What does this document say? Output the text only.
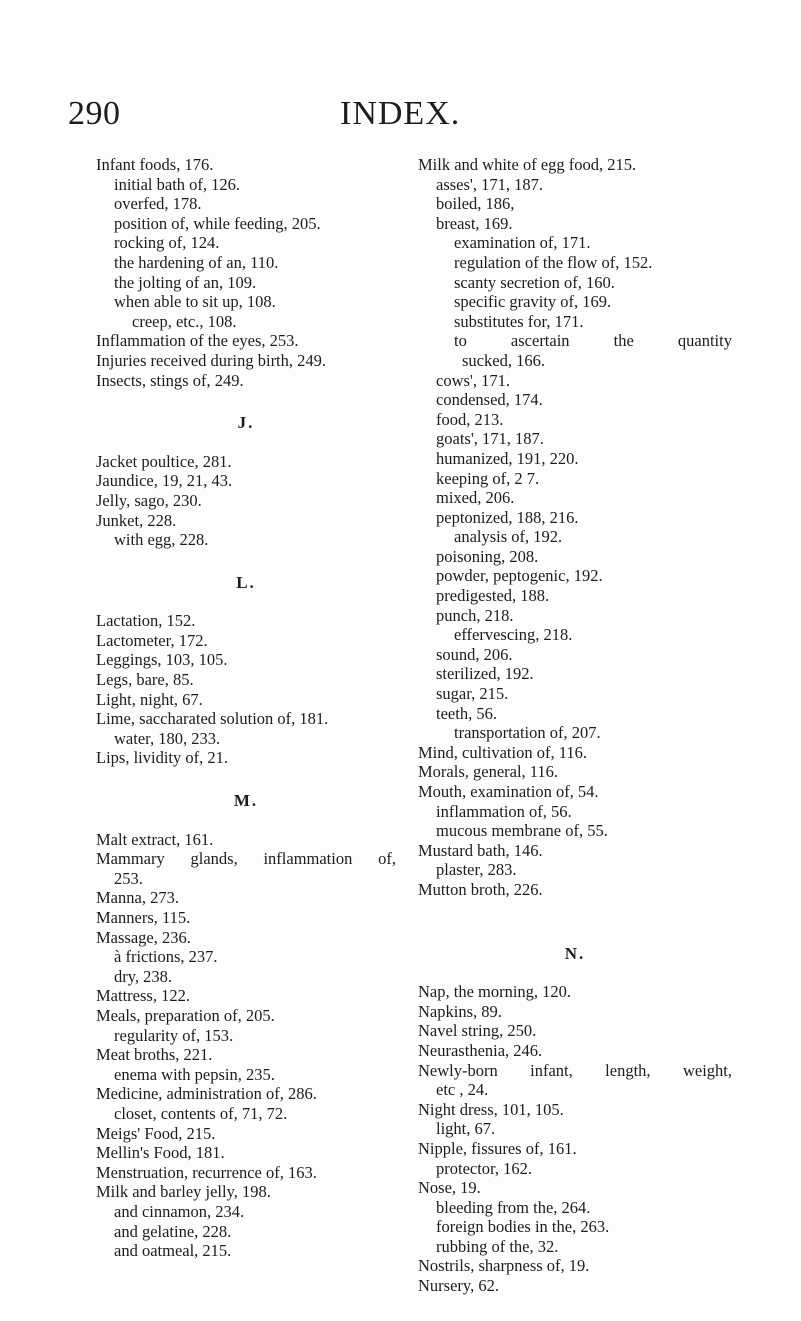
290	INDEX.
Infant foods, 176.
initial bath of, 126.
overfed, 178.
position of, while feeding, 205.
rocking of, 124.
the hardening of an, 110.
the jolting of an, 109.
when able to sit up, 108.
creep, etc., 108.
Inflammation of the eyes, 253.
Injuries received during birth, 249.
Insects, stings of, 249.
J.
Jacket poultice, 281.
Jaundice, 19, 21, 43.
Jelly, sago, 230.
Junket, 228.
with egg, 228.
L.
Lactation, 152.
Lactometer, 172.
Leggings, 103, 105.
Legs, bare, 85.
Light, night, 67.
Lime, saccharated solution of, 181.
water, 180, 233.
Lips, lividity of, 21.
M.
Malt extract, 161.
Mammary glands, inflammation of,
253.
Manna, 273.
Manners, 115.
Massage, 236.
à frictions, 237.
dry, 238.
Mattress, 122.
Meals, preparation of, 205.
regularity of, 153.
Meat broths, 221.
enema with pepsin, 235.
Medicine, administration of, 286.
closet, contents of, 71, 72.
Meigs' Food, 215.
Mellin's Food, 181.
Menstruation, recurrence of, 163.
Milk and barley jelly, 198.
and cinnamon, 234.
and gelatine, 228.
and oatmeal, 215.
Milk and white of egg food, 215.
asses', 171, 187.
boiled, 186,
breast, 169.
examination of, 171.
regulation of the flow of, 152.
scanty secretion of, 160.
specific gravity of, 169.
substitutes for, 171.
to	ascertain	the	quantity
sucked, 166.
cows', 171.
condensed, 174.
food, 213.
goats', 171, 187.
humanized, 191, 220.
keeping of, 2 7.
mixed, 206.
peptonized, 188, 216.
analysis of, 192.
poisoning, 208.
powder, peptogenic, 192.
predigested, 188.
punch, 218.
effervescing, 218.
sound, 206.
sterilized, 192.
sugar, 215.
teeth, 56.
transportation of, 207.
Mind, cultivation of, 116.
Morals, general, 116.
Mouth, examination of, 54.
inflammation of, 56.
mucous membrane of, 55.
Mustard bath, 146.
plaster, 283.
Mutton broth, 226.
N.
Nap, the morning, 120.
Napkins, 89.
Navel string, 250.
Neurasthenia, 246.
Newly-born infant, length, weight,
etc , 24.
Night dress, 101, 105.
light, 67.
Nipple, fissures of, 161.
protector, 162.
Nose, 19.
bleeding from the, 264.
foreign bodies in the, 263.
rubbing of the, 32.
Nostrils, sharpness of, 19.
Nursery, 62.
